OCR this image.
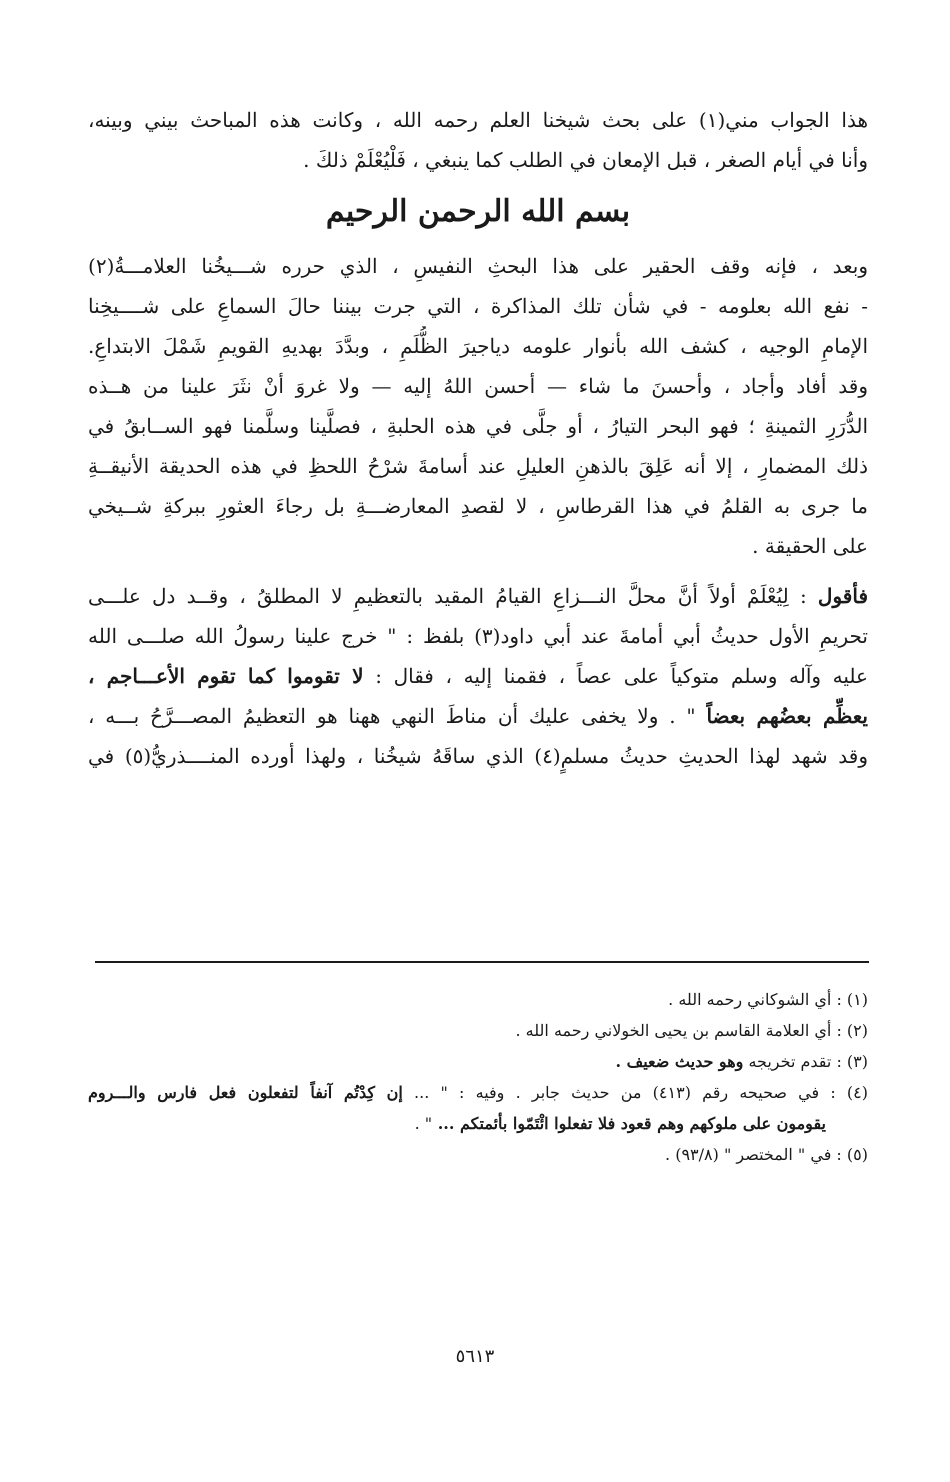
هذا الجواب مني(١) على بحث شيخنا العلم رحمه الله ، وكانت هذه المباحث بيني وبينه،
وأنا في أيام الصغر ، قبل الإمعان في الطلب كما ينبغي ، فَلْيُعْلَمْ ذلكَ .
بسم الله الرحمن الرحيم
وبعد ، فإنه وقف الحقير على هذا البحثِ النفيسِ ، الذي حرره شـــيخُنا العلامـــةُ(٢)
- نفع الله بعلومه - في شأن تلك المذاكرة ، التي جرت بيننا حالَ السماعِ على شــــيخِنا
الإمامِ الوجيه ، كشف الله بأنوار علومه دياجيرَ الظُّلَمِ ، وبدَّدَ بهديهِ القويمِ شَمْلَ الابتداعِ.
وقد أفاد وأجاد ، وأحسنَ ما شاء — أحسن اللهُ إليه — ولا غروَ أنْ نثَرَ علينا من هــذه
الدُّرَرِ الثمينةِ ؛ فهو البحر التيارُ ، أو جلَّى في هذه الحلبةِ ، فصلَّينا وسلَّمنا فهو الســابقُ في
ذلك المضمارِ ، إلا أنه عَلِقَ بالذهنِ العليلِ عند أسامةَ شرْحُ اللحظِ في هذه الحديقة الأنيقــةِ
ما جرى به القلمُ في هذا القرطاسِ ، لا لقصدِ المعارضـــةِ بل رجاءَ العثورِ ببركةِ شــيخي
على الحقيقة .
فأقول : لِيُعْلَمْ أولاً أنَّ محلَّ النـــزاعِ القيامُ المقيد بالتعظيمِ لا المطلقُ ، وقــد دل علـــى
تحريمِ الأول حديثُ أبي أمامةَ عند أبي داود(٣) بلفظ : " خرج علينا رسولُ الله صلـــى الله
عليه وآله وسلم متوكياً على عصاً ، فقمنا إليه ، فقال : لا تقوموا كما تقوم الأعـــاجم ،
يعظِّم بعضُهم بعضاً " . ولا يخفى عليك أن مناطَ النهي ههنا هو التعظيمُ المصـــرَّحُ بـــه ،
وقد شهد لهذا الحديثِ حديثُ مسلمٍ(٤) الذي ساقَهُ شيخُنا ، ولهذا أورده المنــــذريُّ(٥) في
(١) : أي الشوكاني رحمه الله .
(٢) : أي العلامة القاسم بن يحيى الخولاني رحمه الله .
(٣) : تقدم تخريجه وهو حديث ضعيف .
(٤) : في صحيحه رقم (٤١٣) من حديث جابر . وفيه : " ... إن كِدْتُم آنفاً لتفعلون فعل فارس والـــروم
يقومون على ملوكهم وهم قعود فلا تفعلوا ائْتَمّوا بأئمتكم ... " .
(٥) : في " المختصر " (٩٣/٨) .
٥٦١٣
